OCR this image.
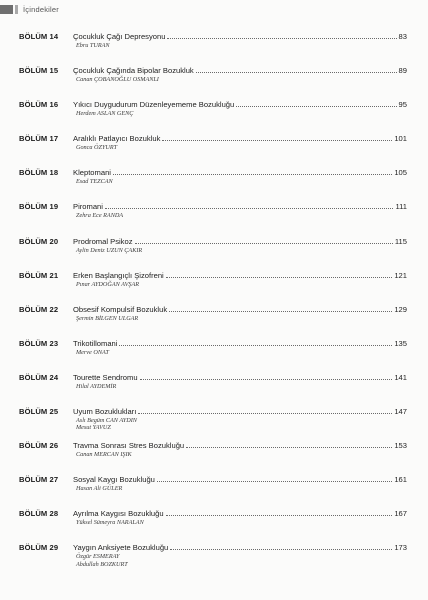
İçindekiler
BÖLÜM 14 Çocukluk Çağı Depresyonu	83
Ebru TURAN
BÖLÜM 15 Çocukluk Çağında Bipolar Bozukluk	89
Canan ÇOBANOĞLU OSMANLI
BÖLÜM 16 Yıkıcı Duygudurum Düzenleyememe Bozukluğu	95
Herdem ASLAN GENÇ
BÖLÜM 17 Aralıklı Patlayıcı Bozukluk	101
Gonca ÖZYURT
BÖLÜM 18 Kleptomani	105
Esad TEZCAN
BÖLÜM 19 Piromani	111
Zehra Ece RANDA
BÖLÜM 20 Prodromal Psikoz	115
Aylin Deniz UZUN ÇAKIR
BÖLÜM 21 Erken Başlangıçlı Şizofreni	121
Pınar AYDOĞAN AVŞAR
BÖLÜM 22 Obsesif Kompulsif Bozukluk	129
Şermin BİLGEN ULGAR
BÖLÜM 23 Trikotillomani	135
Merve ONAT
BÖLÜM 24 Tourette Sendromu	141
Hilal AYDEMİR
BÖLÜM 25 Uyum Bozuklukları	147
Aslı Begüm CAN AYDIN
Mesut YAVUZ
BÖLÜM 26 Travma Sonrası Stres Bozukluğu	153
Canan MERCAN IŞIK
BÖLÜM 27 Sosyal Kaygı Bozukluğu	161
Hasan Ali GÜLER
BÖLÜM 28 Ayrılma Kaygısı Bozukluğu	167
Yüksel Sümeyra NARALAN
BÖLÜM 29 Yaygın Anksiyete Bozukluğu	173
Özgür ESMERAY
Abdullah BOZKURT
